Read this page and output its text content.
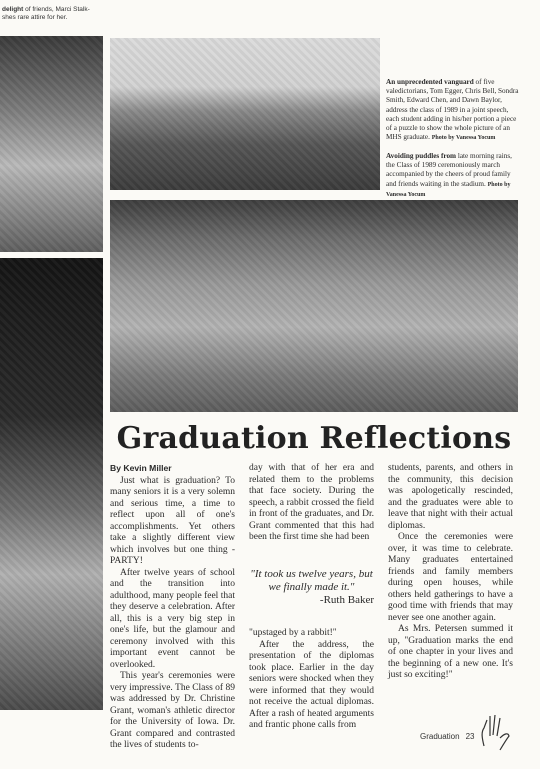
delight of friends, Marci Stalk-
shes rare attire for her.
An unprecedented vanguard of five valedictorians, Tom Egger, Chris Bell, Sondra Smith, Edward Chen, and Dawn Baylor, address the class of 1989 in a joint speech, each student adding in his/her portion a piece of a puzzle to show the whole picture of an MHS graduate. Photo by Vanessa Yocum
Avoiding puddles from late morning rains, the Class of 1989 ceremoniously march accompanied by the cheers of proud family and friends waiting in the stadium. Photo by Vanessa Yocum
Graduation Reflections
By Kevin Miller

Just what is graduation? To many seniors it is a very solemn and serious time, a time to reflect upon all of one's accomplishments. Yet others take a slightly different view which involves but one thing - PARTY!

After twelve years of school and the transition into adulthood, many people feel that they deserve a celebration. After all, this is a very big step in one's life, but the glamour and ceremony involved with this important event cannot be overlooked.

This year's ceremonies were very impressive. The Class of 89 was addressed by Dr. Christine Grant, woman's athletic director for the University of Iowa. Dr. Grant compared and contrasted the lives of students to-

day with that of her era and related them to the problems that face society. During the speech, a rabbit crossed the field in front of the graduates, and Dr. Grant commented that this had been the first time she had been

"It took us twelve years, but we finally made it."
-Ruth Baker

"upstaged by a rabbit!"

After the address, the presentation of the diplomas took place. Earlier in the day seniors were shocked when they were informed that they would not receive the actual diplomas. After a rash of heated arguments and frantic phone calls from

students, parents, and others in the community, this decision was apologetically rescinded, and the graduates were able to leave that night with their actual diplomas.

Once the ceremonies were over, it was time to celebrate. Many graduates entertained friends and family members during open houses, while others held gatherings to have a good time with friends that may never see one another again.

As Mrs. Petersen summed it up, "Graduation marks the end of one chapter in your lives and the beginning of a new one. It's just so exciting!"

Graduation 23
